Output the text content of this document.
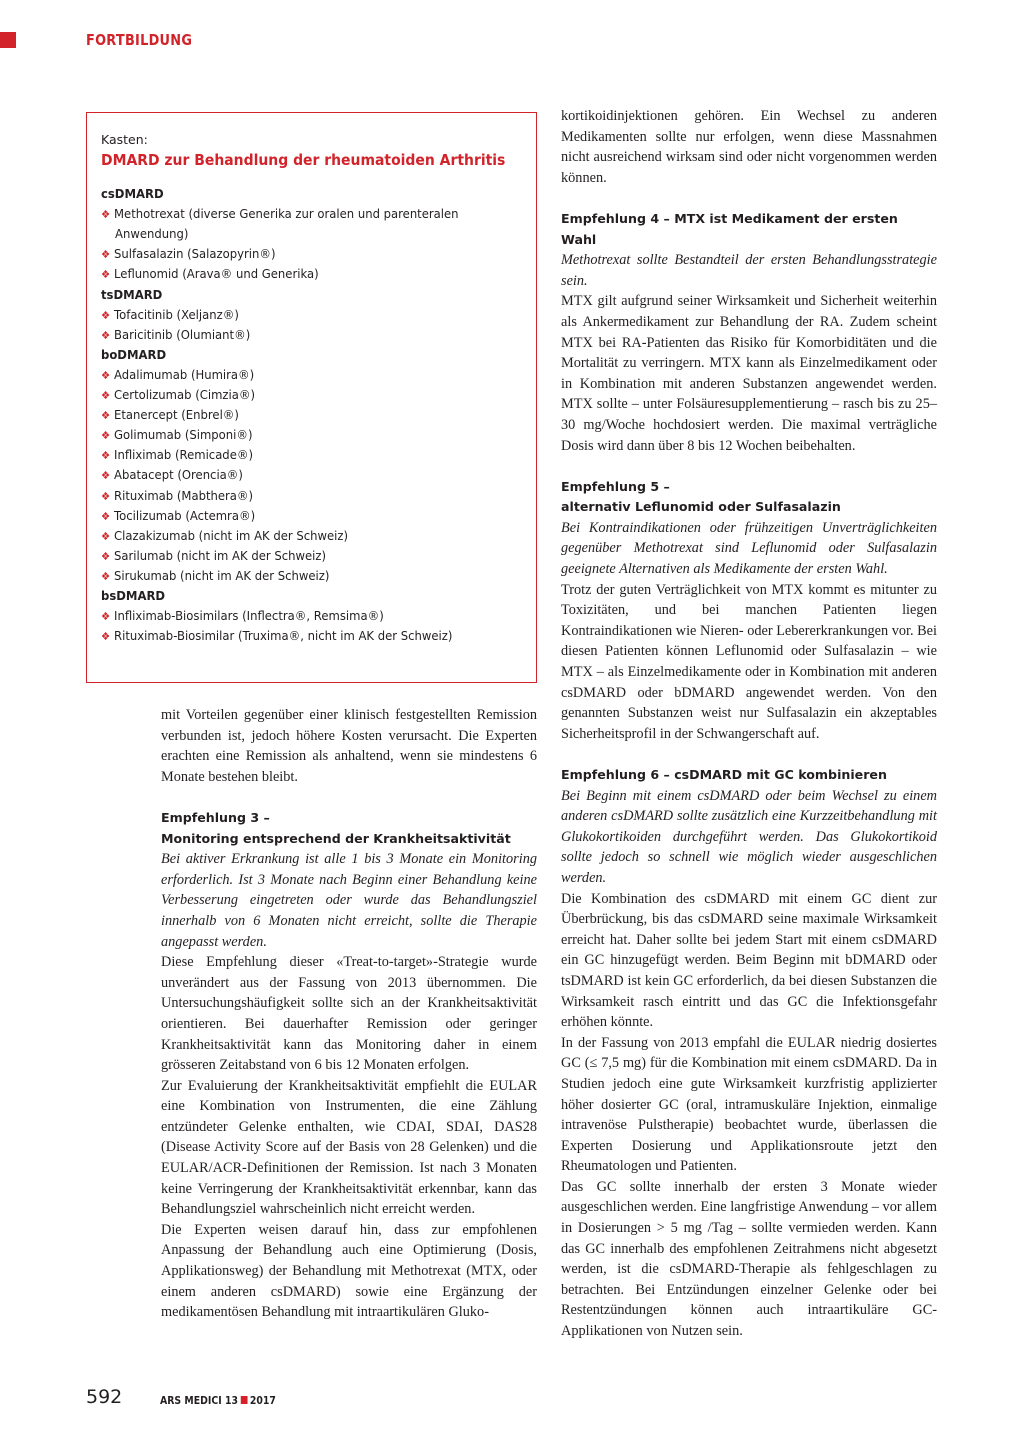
FORTBILDUNG
Kasten:
DMARD zur Behandlung der rheumatoiden Arthritis
csDMARD
❖ Methotrexat (diverse Generika zur oralen und parenteralen
Anwendung)
❖ Sulfasalazin (Salazopyrin®)
❖ Leflunomid (Arava® und Generika)
tsDMARD
❖ Tofacitinib (Xeljanz®)
❖ Baricitinib (Olumiant®)
boDMARD
❖ Adalimumab (Humira®)
❖ Certolizumab (Cimzia®)
❖ Etanercept (Enbrel®)
❖ Golimumab (Simponi®)
❖ Infliximab (Remicade®)
❖ Abatacept (Orencia®)
❖ Rituximab (Mabthera®)
❖ Tocilizumab (Actemra®)
❖ Clazakizumab (nicht im AK der Schweiz)
❖ Sarilumab (nicht im AK der Schweiz)
❖ Sirukumab (nicht im AK der Schweiz)
bsDMARD
❖ Infliximab-Biosimilars (Inflectra®, Remsima®)
❖ Rituximab-Biosimilar (Truxima®, nicht im AK der Schweiz)

mit Vorteilen gegenüber einer klinisch festgestellten Remission verbunden ist, jedoch höhere Kosten verursacht. Die Experten erachten eine Remission als anhaltend, wenn sie mindestens 6 Monate bestehen bleibt.

Empfehlung 3 –

Monitoring entsprechend der Krankheitsaktivität

Bei aktiver Erkrankung ist alle 1 bis 3 Monate ein Monitoring erforderlich. Ist 3 Monate nach Beginn einer Behandlung keine Verbesserung eingetreten oder wurde das Behandlungsziel innerhalb von 6 Monaten nicht erreicht, sollte die Therapie angepasst werden.

Diese Empfehlung dieser «Treat-to-target»-Strategie wurde unverändert aus der Fassung von 2013 übernommen. Die Untersuchungshäufigkeit sollte sich an der Krankheitsaktivität orientieren. Bei dauerhafter Remission oder geringer Krankheitsaktivität kann das Monitoring daher in einem grösseren Zeitabstand von 6 bis 12 Monaten erfolgen.

Zur Evaluierung der Krankheitsaktivität empfiehlt die EULAR eine Kombination von Instrumenten, die eine Zählung entzündeter Gelenke enthalten, wie CDAI, SDAI, DAS28 (Disease Activity Score auf der Basis von 28 Gelenken) und die EULAR/ACR-Definitionen der Remission. Ist nach 3 Monaten keine Verringerung der Krankheitsaktivität erkennbar, kann das Behandlungsziel wahrscheinlich nicht erreicht werden.

Die Experten weisen darauf hin, dass zur empfohlenen Anpassung der Behandlung auch eine Optimierung (Dosis, Applikationsweg) der Behandlung mit Methotrexat (MTX, oder einem anderen csDMARD) sowie eine Ergänzung der medikamentösen Behandlung mit intraartikulären Gluko-

kortikoidinjektionen gehören. Ein Wechsel zu anderen Medikamenten sollte nur erfolgen, wenn diese Massnahmen nicht ausreichend wirksam sind oder nicht vorgenommen werden können.

Empfehlung 4 – MTX ist Medikament der ersten Wahl

Methotrexat sollte Bestandteil der ersten Behandlungsstrategie sein.

MTX gilt aufgrund seiner Wirksamkeit und Sicherheit weiterhin als Ankermedikament zur Behandlung der RA. Zudem scheint MTX bei RA-Patienten das Risiko für Komorbiditäten und die Mortalität zu verringern. MTX kann als Einzelmedikament oder in Kombination mit anderen Substanzen angewendet werden. MTX sollte – unter Folsäuresupplementierung – rasch bis zu 25–30 mg/Woche hochdosiert werden. Die maximal verträgliche Dosis wird dann über 8 bis 12 Wochen beibehalten.

Empfehlung 5 –

alternativ Leflunomid oder Sulfasalazin

Bei Kontraindikationen oder frühzeitigen Unverträglichkeiten gegenüber Methotrexat sind Leflunomid oder Sulfasalazin geeignete Alternativen als Medikamente der ersten Wahl.

Trotz der guten Verträglichkeit von MTX kommt es mitunter zu Toxizitäten, und bei manchen Patienten liegen Kontraindikationen wie Nieren- oder Lebererkrankungen vor. Bei diesen Patienten können Leflunomid oder Sulfasalazin – wie MTX – als Einzelmedikamente oder in Kombination mit anderen csDMARD oder bDMARD angewendet werden. Von den genannten Substanzen weist nur Sulfasalazin ein akzeptables Sicherheitsprofil in der Schwangerschaft auf.

Empfehlung 6 – csDMARD mit GC kombinieren

Bei Beginn mit einem csDMARD oder beim Wechsel zu einem anderen csDMARD sollte zusätzlich eine Kurzzeitbehandlung mit Glukokortikoiden durchgeführt werden. Das Glukokortikoid sollte jedoch so schnell wie möglich wieder ausgeschlichen werden.

Die Kombination des csDMARD mit einem GC dient zur Überbrückung, bis das csDMARD seine maximale Wirksamkeit erreicht hat. Daher sollte bei jedem Start mit einem csDMARD ein GC hinzugefügt werden. Beim Beginn mit bDMARD oder tsDMARD ist kein GC erforderlich, da bei diesen Substanzen die Wirksamkeit rasch eintritt und das GC die Infektionsgefahr erhöhen könnte.

In der Fassung von 2013 empfahl die EULAR niedrig dosiertes GC (≤ 7,5 mg) für die Kombination mit einem csDMARD. Da in Studien jedoch eine gute Wirksamkeit kurzfristig applizierter höher dosierter GC (oral, intramuskuläre Injektion, einmalige intravenöse Pulstherapie) beobachtet wurde, überlassen die Experten Dosierung und Applikationsroute jetzt den Rheumatologen und Patienten.

Das GC sollte innerhalb der ersten 3 Monate wieder ausgeschlichen werden. Eine langfristige Anwendung – vor allem in Dosierungen > 5 mg /Tag – sollte vermieden werden. Kann das GC innerhalb des empfohlenen Zeitrahmens nicht abgesetzt werden, ist die csDMARD-Therapie als fehlgeschlagen zu betrachten. Bei Entzündungen einzelner Gelenke oder bei Restentzündungen können auch intraartikuläre GC-Applikationen von Nutzen sein.

592	ARS MEDICI 13 2017
